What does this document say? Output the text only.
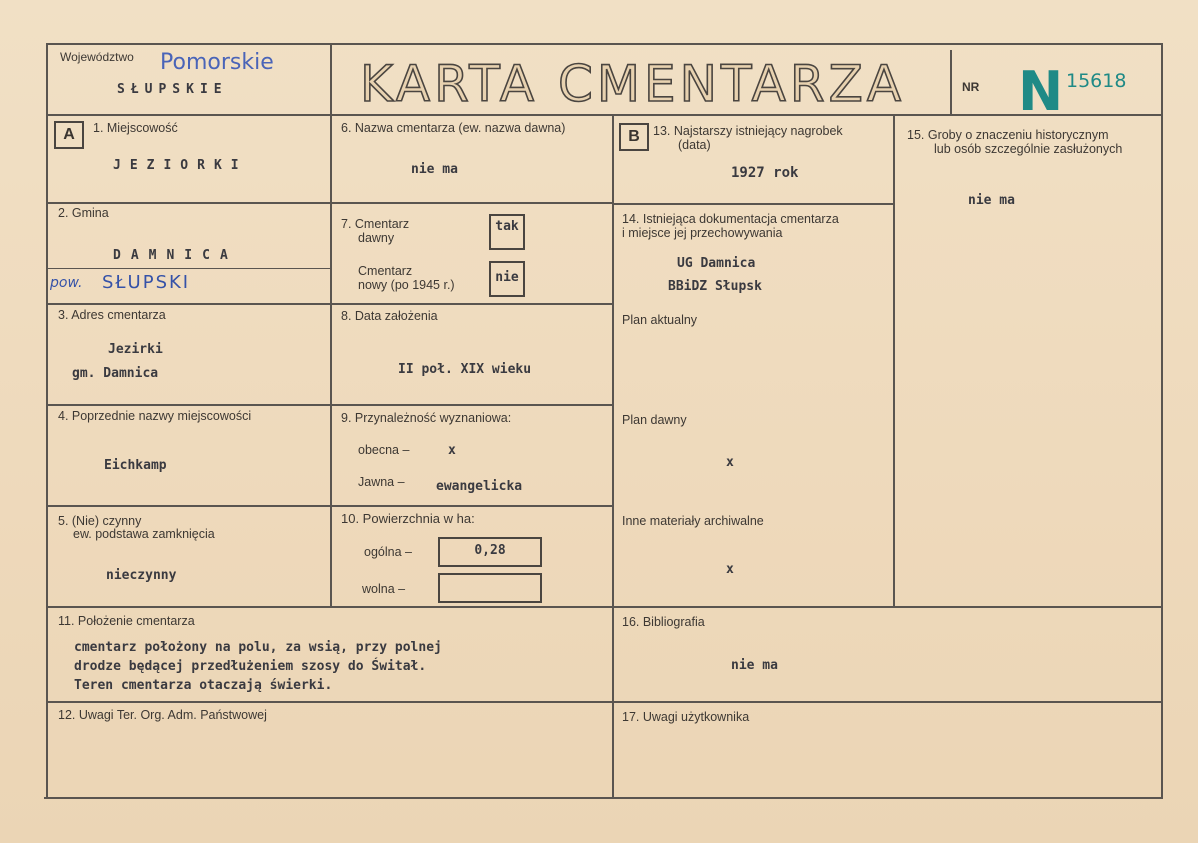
Województwo Pomorskie
SŁUPSKIE	KARTA CMENTARZA	NR N 15618
A	1. Miejscowość
JEZIORKI
2. Gmina
DAMNICA
pow. SŁUPSKI
3. Adres cmentarza
Jezirki
gm. Damnica
4. Poprzednie nazwy miejscowości
Eichkamp
5. (Nie) czynny
ew. podstawa zamknięcia
nieczynny
6. Nazwa cmentarza (ew. nazwa dawna)
nie ma
7. Cmentarz
dawny
tak
Cmentarz
nowy (po 1945 r.)	nie
8. Data założenia
II poł. XIX wieku
9. Przynależność wyznaniowa:
obecna –	x
Jawna – ewangelicka
10. Powierzchnia w ha:
ogólna –	0,28
wolna –
11. Położenie cmentarza
cmentarz położony na polu, za wsią, przy polnej
drodze będącej przedłużeniem szosy do Świtał.
Teren cmentarza otaczają świerki.
12. Uwagi Ter. Org. Adm. Państwowej
B	13. Najstarszy istniejący nagrobek
(data)
1927 rok
14. Istniejąca dokumentacja cmentarza
i miejsce jej przechowywania
UG Damnica
BBiDZ Słupsk
Plan aktualny
Plan dawny
x
Inne materiały archiwalne
x
15. Groby o znaczeniu historycznym
lub osób szczególnie zasłużonych
nie ma
16. Bibliografia
nie ma
17. Uwagi użytkownika
